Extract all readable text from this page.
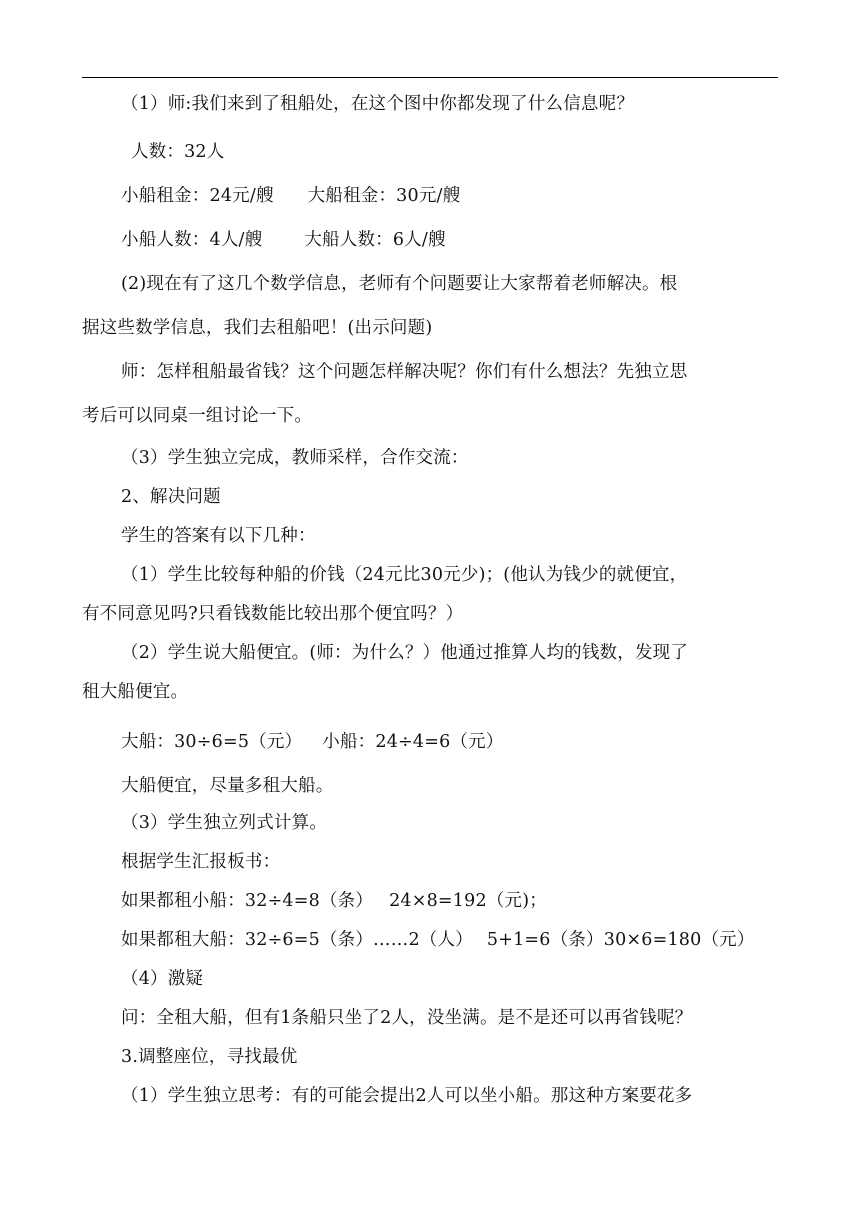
（1）师:我们来到了租船处，在这个图中你都发现了什么信息呢？
人数：32人
小船租金：24元/艘 大船租金：30元/艘
小船人数：4人/艘 大船人数：6人/艘
(2)现在有了这几个数学信息，老师有个问题要让大家帮着老师解决。根
据这些数学信息，我们去租船吧！(出示问题)
师：怎样租船最省钱？这个问题怎样解决呢？你们有什么想法？先独立思
考后可以同桌一组讨论一下。
（3）学生独立完成，教师采样，合作交流：
2、解决问题
学生的答案有以下几种：
（1）学生比较每种船的价钱（24元比30元少)；(他认为钱少的就便宜，
有不同意见吗?只看钱数能比较出那个便宜吗？）
（2）学生说大船便宜。(师：为什么？）他通过推算人均的钱数，发现了
租大船便宜。
大船：30÷6=5（元） 小船：24÷4=6（元）
大船便宜，尽量多租大船。
（3）学生独立列式计算。
根据学生汇报板书：
如果都租小船：32÷4=8（条） 24×8=192（元)；
如果都租大船：32÷6=5（条）……2（人） 5+1=6（条）30×6=180（元）
（4）激疑
问：全租大船，但有1条船只坐了2人，没坐满。是不是还可以再省钱呢？
3.调整座位，寻找最优
（1）学生独立思考：有的可能会提出2人可以坐小船。那这种方案要花多
